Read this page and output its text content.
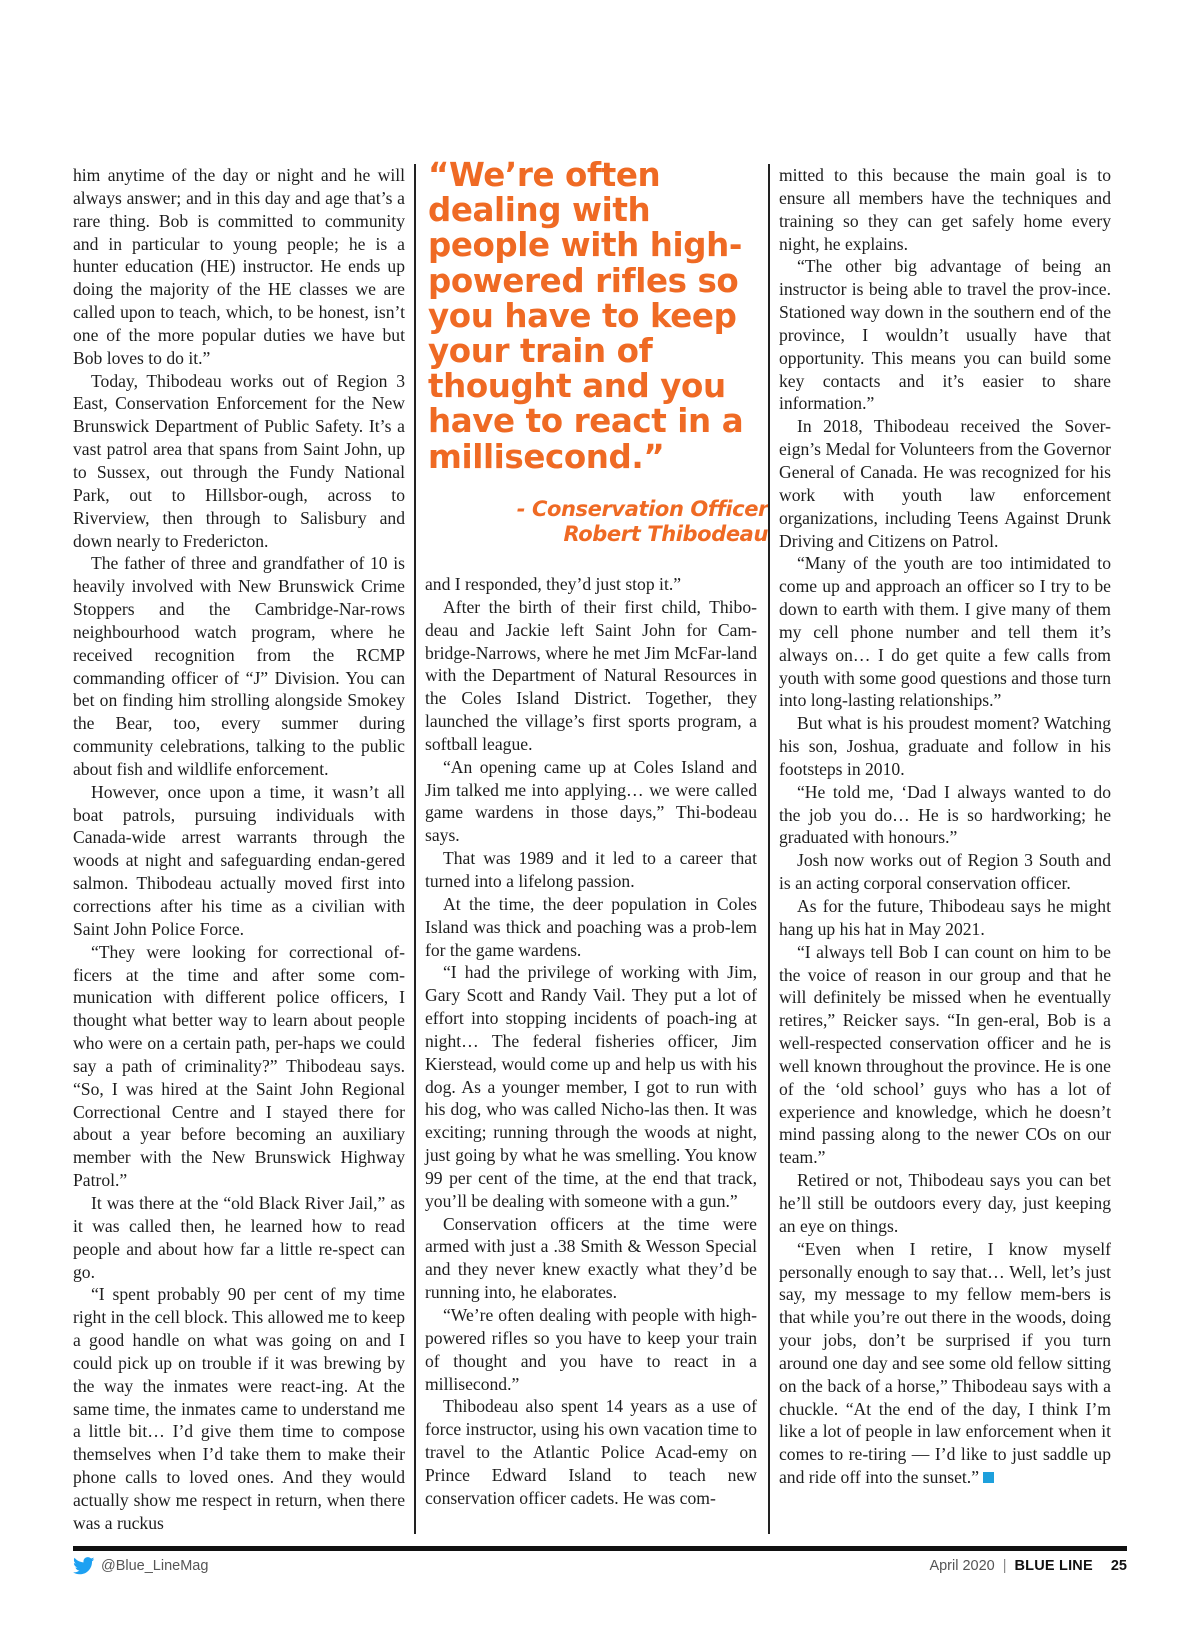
him anytime of the day or night and he will always answer; and in this day and age that’s a rare thing. Bob is committed to community and in particular to young people; he is a hunter education (HE) instructor. He ends up doing the majority of the HE classes we are called upon to teach, which, to be honest, isn’t one of the more popular duties we have but Bob loves to do it.”

Today, Thibodeau works out of Region 3 East, Conservation Enforcement for the New Brunswick Department of Public Safety. It’s a vast patrol area that spans from Saint John, up to Sussex, out through the Fundy National Park, out to Hillsbor-ough, across to Riverview, then through to Salisbury and down nearly to Fredericton.

The father of three and grandfather of 10 is heavily involved with New Brunswick Crime Stoppers and the Cambridge-Nar-rows neighbourhood watch program, where he received recognition from the RCMP commanding officer of “J” Division. You can bet on finding him strolling alongside Smokey the Bear, too, every summer during community celebrations, talking to the public about fish and wildlife enforcement.

However, once upon a time, it wasn’t all boat patrols, pursuing individuals with Canada-wide arrest warrants through the woods at night and safeguarding endan-gered salmon. Thibodeau actually moved first into corrections after his time as a civilian with Saint John Police Force.

“They were looking for correctional of-ficers at the time and after some com-munication with different police officers, I thought what better way to learn about people who were on a certain path, per-haps we could say a path of criminality?” Thibodeau says. “So, I was hired at the Saint John Regional Correctional Centre and I stayed there for about a year before becoming an auxiliary member with the New Brunswick Highway Patrol.”

It was there at the “old Black River Jail,” as it was called then, he learned how to read people and about how far a little re-spect can go.

“I spent probably 90 per cent of my time right in the cell block. This allowed me to keep a good handle on what was going on and I could pick up on trouble if it was brewing by the way the inmates were react-ing. At the same time, the inmates came to understand me a little bit… I’d give them time to compose themselves when I’d take them to make their phone calls to loved ones. And they would actually show me respect in return, when there was a ruckus

“We’re often dealing with people with high-powered rifles so you have to keep your train of thought and you have to react in a millisecond.”

- Conservation Officer
Robert Thibodeau

and I responded, they’d just stop it.”

After the birth of their first child, Thibo-deau and Jackie left Saint John for Cam-bridge-Narrows, where he met Jim McFar-land with the Department of Natural Resources in the Coles Island District. Together, they launched the village’s first sports program, a softball league.

“An opening came up at Coles Island and Jim talked me into applying… we were called game wardens in those days,” Thi-bodeau says.

That was 1989 and it led to a career that turned into a lifelong passion.

At the time, the deer population in Coles Island was thick and poaching was a prob-lem for the game wardens.

“I had the privilege of working with Jim, Gary Scott and Randy Vail. They put a lot of effort into stopping incidents of poach-ing at night… The federal fisheries officer, Jim Kierstead, would come up and help us with his dog. As a younger member, I got to run with his dog, who was called Nicho-las then. It was exciting; running through the woods at night, just going by what he was smelling. You know 99 per cent of the time, at the end that track, you’ll be dealing with someone with a gun.”

Conservation officers at the time were armed with just a .38 Smith & Wesson Special and they never knew exactly what they’d be running into, he elaborates.

“We’re often dealing with people with high-powered rifles so you have to keep your train of thought and you have to react in a millisecond.”

Thibodeau also spent 14 years as a use of force instructor, using his own vacation time to travel to the Atlantic Police Acad-emy on Prince Edward Island to teach new conservation officer cadets. He was com-

mitted to this because the main goal is to ensure all members have the techniques and training so they can get safely home every night, he explains.

“The other big advantage of being an instructor is being able to travel the prov-ince. Stationed way down in the southern end of the province, I wouldn’t usually have that opportunity. This means you can build some key contacts and it’s easier to share information.”

In 2018, Thibodeau received the Sover-eign’s Medal for Volunteers from the Governor General of Canada. He was recognized for his work with youth law enforcement organizations, including Teens Against Drunk Driving and Citizens on Patrol.

“Many of the youth are too intimidated to come up and approach an officer so I try to be down to earth with them. I give many of them my cell phone number and tell them it’s always on… I do get quite a few calls from youth with some good questions and those turn into long-lasting relationships.”

But what is his proudest moment? Watching his son, Joshua, graduate and follow in his footsteps in 2010.

“He told me, ‘Dad I always wanted to do the job you do… He is so hardworking; he graduated with honours.”

Josh now works out of Region 3 South and is an acting corporal conservation officer.

As for the future, Thibodeau says he might hang up his hat in May 2021.

“I always tell Bob I can count on him to be the voice of reason in our group and that he will definitely be missed when he eventually retires,” Reicker says. “In gen-eral, Bob is a well-respected conservation officer and he is well known throughout the province. He is one of the ‘old school’ guys who has a lot of experience and knowledge, which he doesn’t mind passing along to the newer COs on our team.”

Retired or not, Thibodeau says you can bet he’ll still be outdoors every day, just keeping an eye on things.

“Even when I retire, I know myself personally enough to say that… Well, let’s just say, my message to my fellow mem-bers is that while you’re out there in the woods, doing your jobs, don’t be surprised if you turn around one day and see some old fellow sitting on the back of a horse,” Thibodeau says with a chuckle. “At the end of the day, I think I’m like a lot of people in law enforcement when it comes to re-tiring — I’d like to just saddle up and ride off into the sunset.”

@Blue_LineMag	April 2020 | BLUE LINE 25
